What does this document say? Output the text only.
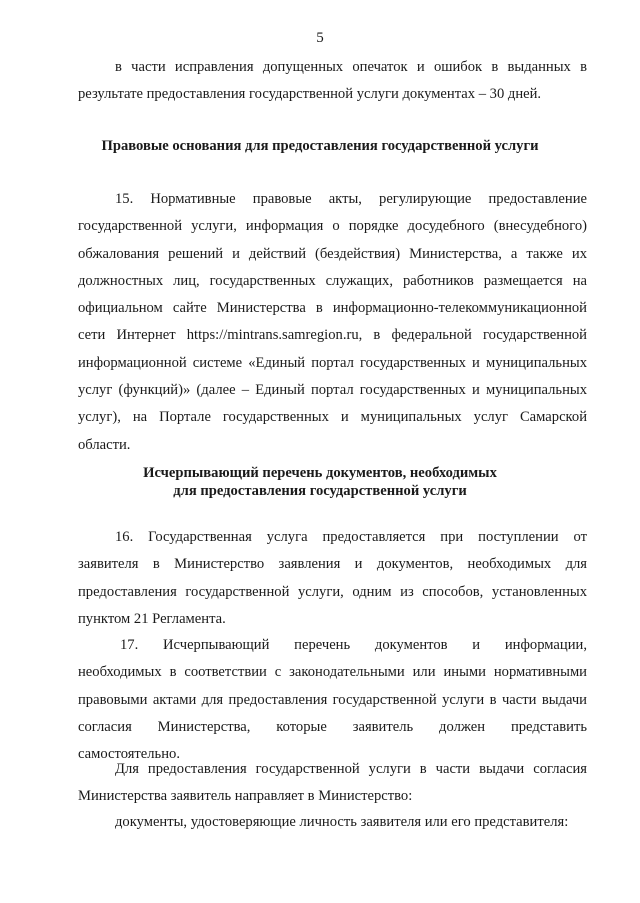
5
в части исправления допущенных опечаток и ошибок в выданных в
результате предоставления государственной услуги документах – 30 дней.
Правовые основания для предоставления государственной услуги
15. Нормативные правовые акты, регулирующие предоставление
государственной услуги, информация о порядке досудебного (внесудебного)
обжалования решений и действий (бездействия) Министерства, а также их
должностных лиц, государственных служащих, работников размещается на
официальном сайте Министерства в информационно-телекоммуникационной
сети Интернет https://mintrans.samregion.ru, в федеральной государственной
информационной системе «Единый портал государственных и муниципальных
услуг (функций)» (далее – Единый портал государственных и муниципальных
услуг), на Портале государственных и муниципальных услуг Самарской
области.
Исчерпывающий перечень документов, необходимых
для предоставления государственной услуги
16. Государственная услуга предоставляется при поступлении от
заявителя в Министерство заявления и документов, необходимых для
предоставления государственной услуги, одним из способов, установленных
пунктом 21 Регламента.
17. Исчерпывающий перечень документов и информации,
необходимых в соответствии с законодательными или иными нормативными
правовыми актами для предоставления государственной услуги в части выдачи
согласия Министерства, которые заявитель должен представить
самостоятельно.
Для предоставления государственной услуги в части выдачи согласия
Министерства заявитель направляет в Министерство:
документы, удостоверяющие личность заявителя или его представителя:
